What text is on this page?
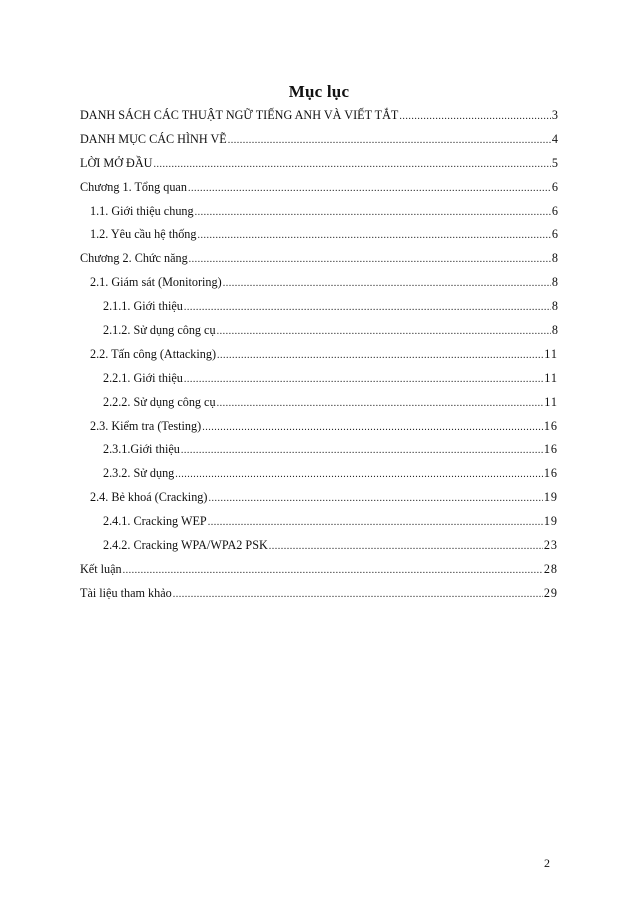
Mục lục
DANH SÁCH CÁC THUẬT NGỮ TIẾNG ANH VÀ VIẾT TẮT .....	3
DANH MỤC CÁC HÌNH VẼ .....	4
LỜI MỞ ĐẦU .....	5
Chương 1. Tổng quan .....	6
1.1. Giới thiệu chung .....	6
1.2. Yêu cầu hệ thống .....	6
Chương 2. Chức năng .....	8
2.1. Giám sát (Monitoring) .....	8
2.1.1. Giới thiệu .....	8
2.1.2. Sử dụng công cụ .....	8
2.2. Tấn công (Attacking) .....	11
2.2.1. Giới thiệu .....	11
2.2.2. Sử dụng công cụ .....	11
2.3. Kiểm tra (Testing) .....	16
2.3.1.Giới thiệu .....	16
2.3.2. Sử dụng .....	16
2.4. Bẻ khoá (Cracking) .....	19
2.4.1. Cracking WEP .....	19
2.4.2. Cracking WPA/WPA2 PSK .....	23
Kết luận .....	28
Tài liệu tham khảo .....	29
2
